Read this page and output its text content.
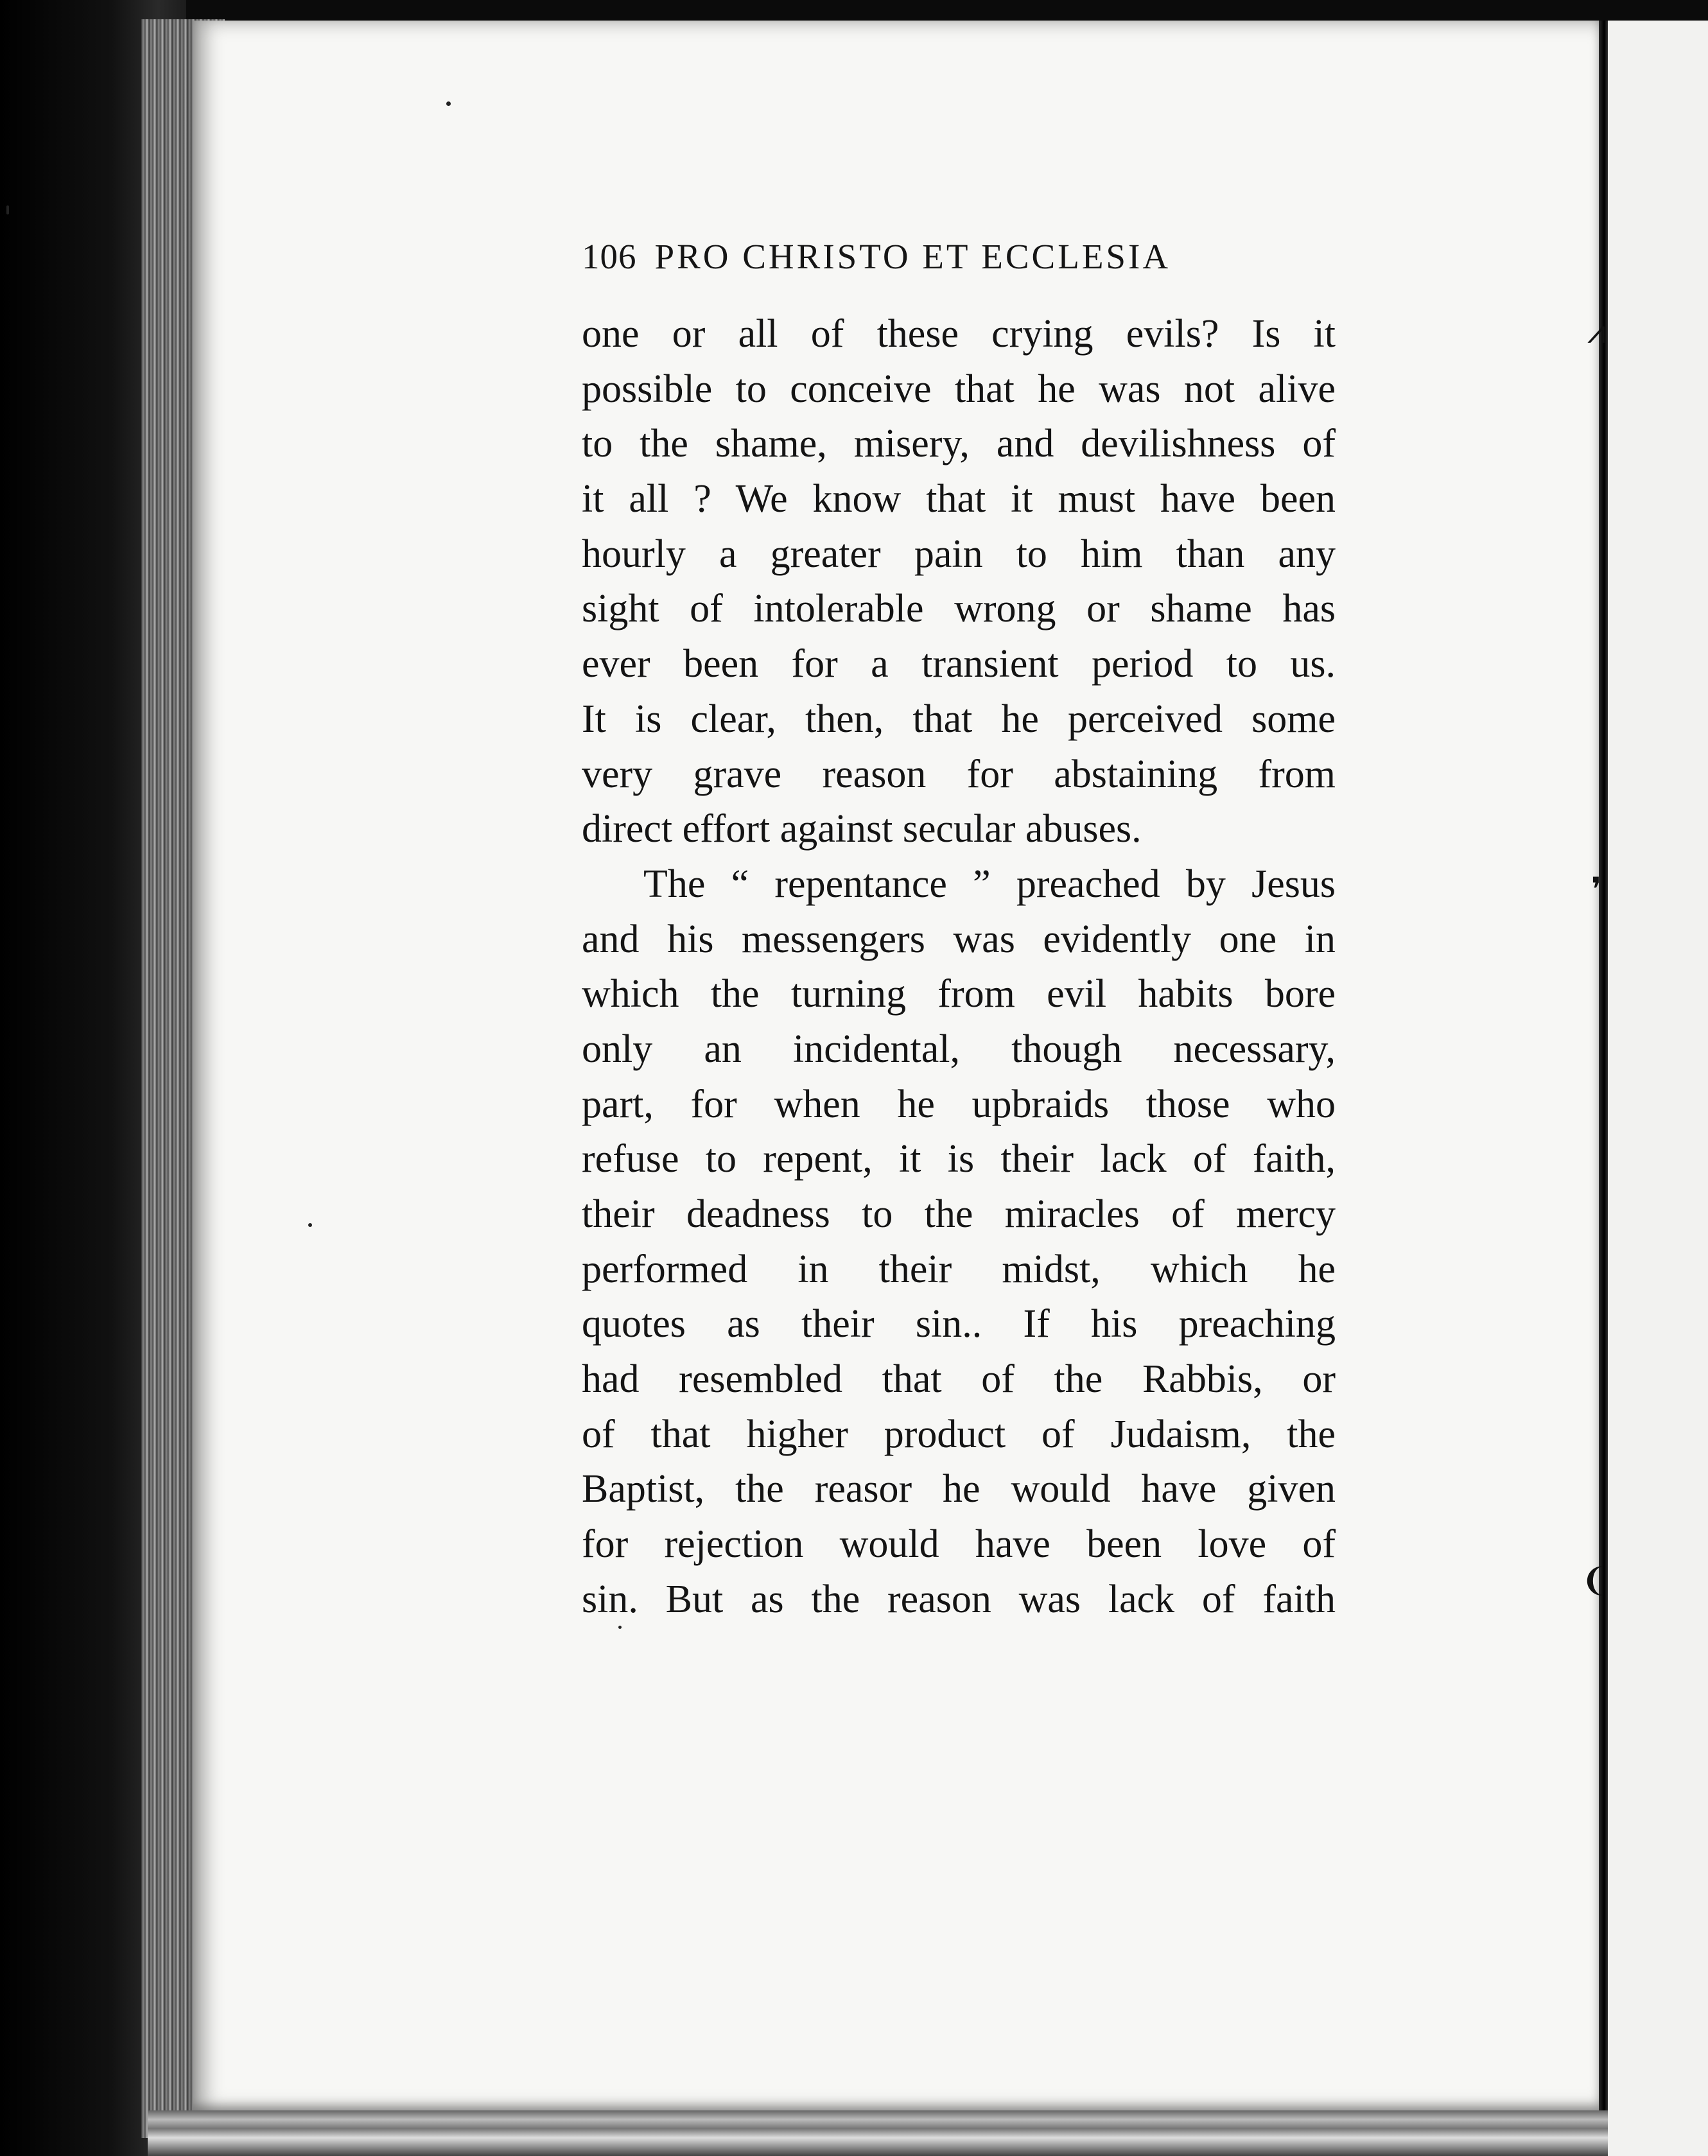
⩘
❜
❨
106 PRO CHRISTO ET ECCLESIA
one or all of these crying evils? Is it
possible to conceive that he was not alive
to the shame, misery, and devilishness of
it all ? We know that it must have been
hourly a greater pain to him than any
sight of intolerable wrong or shame has
ever been for a transient period to us.
It is clear, then, that he perceived some
very grave reason for abstaining from
direct effort against secular abuses.
The “ repentance ” preached by Jesus
and his messengers was evidently one in
which the turning from evil habits bore
only an incidental, though necessary,
part, for when he upbraids those who
refuse to repent, it is their lack of faith,
their deadness to the miracles of mercy
performed in their midst, which he
quotes as their sin.. If his preaching
had resembled that of the Rabbis, or
of that higher product of Judaism, the
Baptist, the reasor he would have given
for rejection would have been love of
sin. But as the reason was lack of faith
